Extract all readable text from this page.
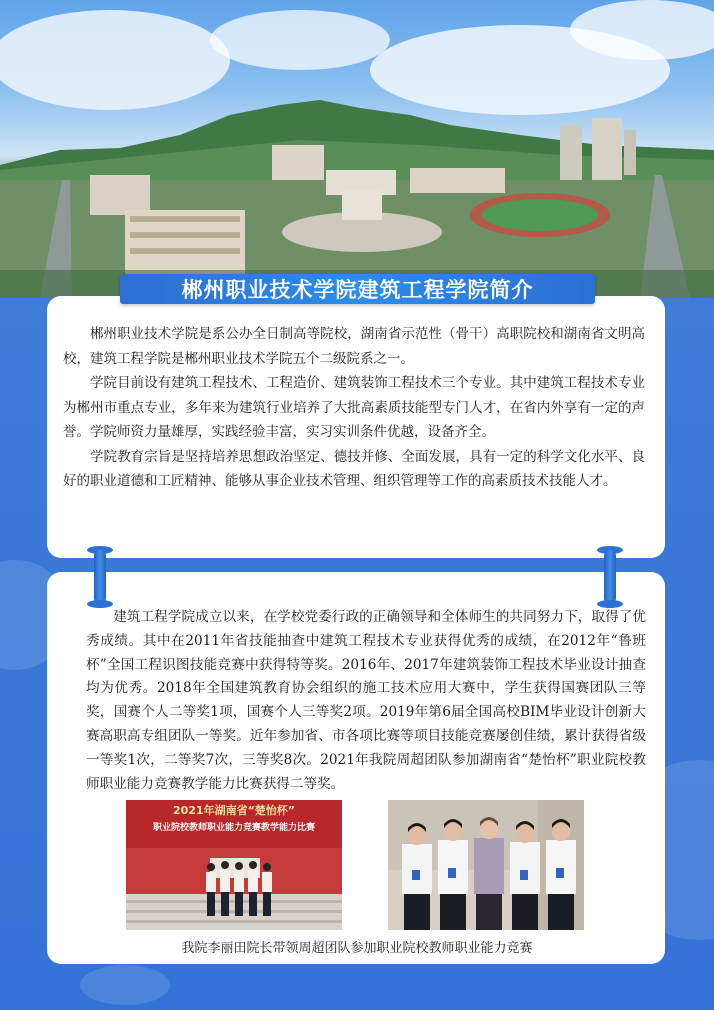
郴州职业技术学院建筑工程学院简介

郴州职业技术学院是系公办全日制高等院校，湖南省示范性（骨干）高职院校和湖南省文明高校，建筑工程学院是郴州职业技术学院五个二级院系之一。

学院目前设有建筑工程技术、工程造价、建筑装饰工程技术三个专业。其中建筑工程技术专业为郴州市重点专业，多年来为建筑行业培养了大批高素质技能型专门人才，在省内外享有一定的声誉。学院师资力量雄厚，实践经验丰富，实习实训条件优越，设备齐全。

学院教育宗旨是坚持培养思想政治坚定、德技并修、全面发展，具有一定的科学文化水平、良好的职业道德和工匠精神、能够从事企业技术管理、组织管理等工作的高素质技术技能人才。

建筑工程学院成立以来，在学校党委行政的正确领导和全体师生的共同努力下，取得了优秀成绩。其中在2011年省技能抽查中建筑工程技术专业获得优秀的成绩，在2012年“鲁班杯”全国工程识图技能竞赛中获得特等奖。2016年、2017年建筑装饰工程技术毕业设计抽查均为优秀。2018年全国建筑教育协会组织的施工技术应用大赛中，学生获得国赛团队三等奖，国赛个人二等奖1项，国赛个人三等奖2项。2019年第6届全国高校BIM毕业设计创新大赛高职高专组团队一等奖。近年参加省、市各项比赛等项目技能竞赛屡创佳绩，累计获得省级一等奖1次，二等奖7次，三等奖8次。2021年我院周超团队参加湖南省“楚怡杯”职业院校教师职业能力竞赛教学能力比赛获得二等奖。

2021年湖南省“楚怡杯”
职业院校教师职业能力竞赛教学能力比赛
我院李丽田院长带领周超团队参加职业院校教师职业能力竞赛
